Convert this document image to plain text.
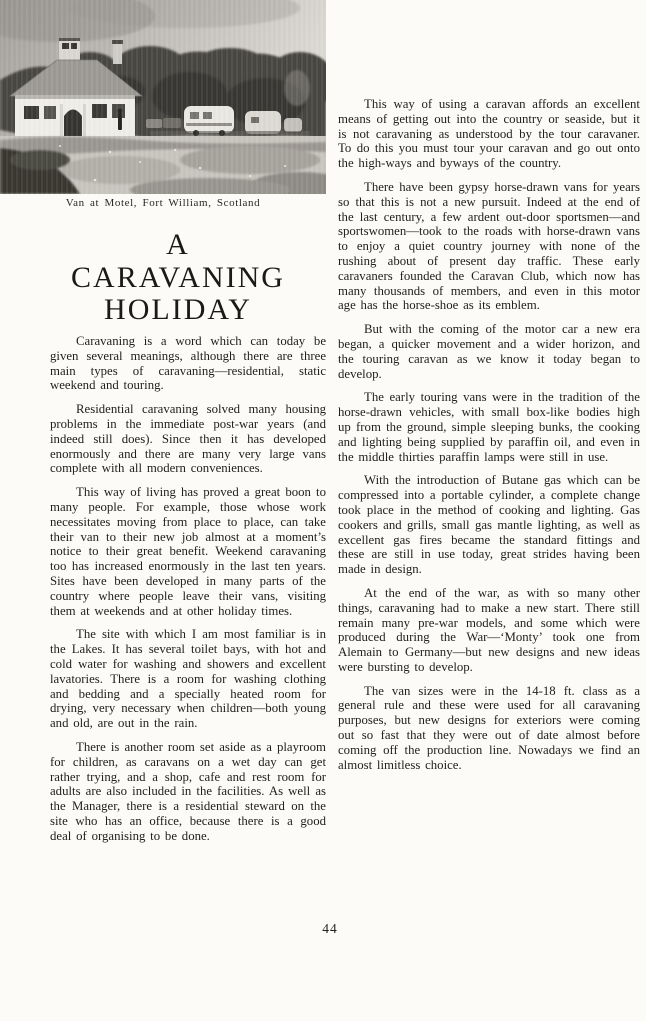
Van at Motel, Fort William, Scotland
A
CARAVANING
HOLIDAY

Caravaning is a word which can today be given several meanings, although there are three main types of caravaning—residential, static weekend and touring.

Residential caravaning solved many housing problems in the immediate post-war years (and indeed still does). Since then it has developed enormously and there are many very large vans complete with all modern conveniences.

This way of living has proved a great boon to many people. For example, those whose work necessitates moving from place to place, can take their van to their new job almost at a moment’s notice to their great benefit. Weekend caravaning too has increased enormously in the last ten years. Sites have been developed in many parts of the country where people leave their vans, visiting them at weekends and at other holiday times.

The site with which I am most familiar is in the Lakes. It has several toilet bays, with hot and cold water for washing and showers and excellent lavatories. There is a room for washing clothing and bedding and a specially heated room for drying, very necessary when children—both young and old, are out in the rain.

There is another room set aside as a playroom for children, as caravans on a wet day can get rather trying, and a shop, cafe and rest room for adults are also included in the facilities. As well as the Manager, there is a residential steward on the site who has an office, because there is a good deal of organising to be done.

This way of using a caravan affords an excellent means of getting out into the country or seaside, but it is not caravaning as understood by the tour caravaner. To do this you must tour your caravan and go out onto the high-ways and byways of the country.

There have been gypsy horse-drawn vans for years so that this is not a new pursuit. Indeed at the end of the last century, a few ardent out-door sportsmen—and sportswomen—took to the roads with horse-drawn vans to enjoy a quiet country journey with none of the rushing about of present day traffic. These early caravaners founded the Caravan Club, which now has many thousands of members, and even in this motor age has the horse-shoe as its emblem.

But with the coming of the motor car a new era began, a quicker movement and a wider horizon, and the touring caravan as we know it today began to develop.

The early touring vans were in the tradition of the horse-drawn vehicles, with small box-like bodies high up from the ground, simple sleeping bunks, the cooking and lighting being supplied by paraffin oil, and even in the middle thirties paraffin lamps were still in use.

With the introduction of Butane gas which can be compressed into a portable cylinder, a complete change took place in the method of cooking and lighting. Gas cookers and grills, small gas mantle lighting, as well as excellent gas fires became the standard fittings and these are still in use today, great strides having been made in design.

At the end of the war, as with so many other things, caravaning had to make a new start. There still remain many pre-war models, and some which were produced during the War—‘Monty’ took one from Alemain to Germany—but new designs and new ideas were bursting to develop.

The van sizes were in the 14-18 ft. class as a general rule and these were used for all caravaning purposes, but new designs for exteriors were coming out so fast that they were out of date almost before coming off the production line. Nowadays we find an almost limitless choice.

44
